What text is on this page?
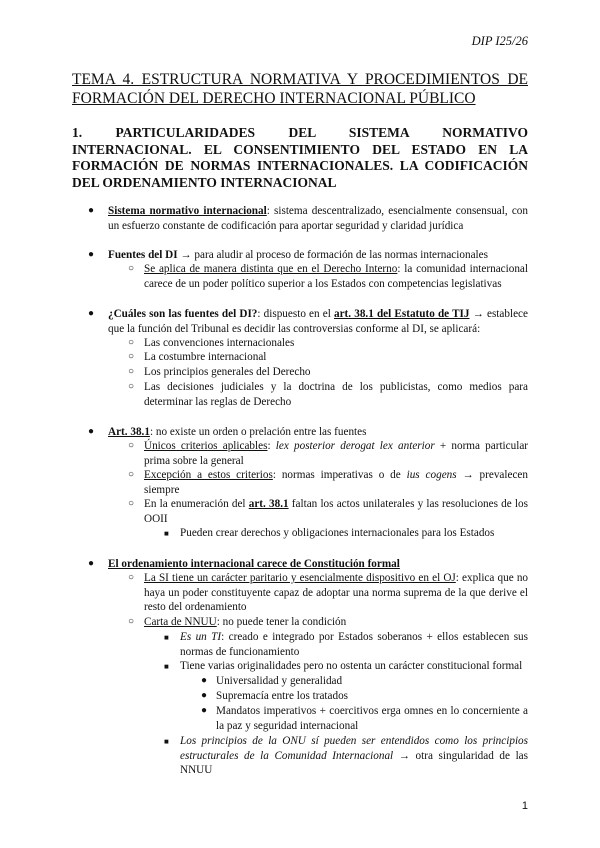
DIP I25/26
TEMA 4. ESTRUCTURA NORMATIVA Y PROCEDIMIENTOS DE FORMACIÓN DEL DERECHO INTERNACIONAL PÚBLICO
1. PARTICULARIDADES DEL SISTEMA NORMATIVO INTERNACIONAL. EL CONSENTIMIENTO DEL ESTADO EN LA FORMACIÓN DE NORMAS INTERNACIONALES. LA CODIFICACIÓN DEL ORDENAMIENTO INTERNACIONAL
● Sistema normativo internacional: sistema descentralizado, esencialmente consensual, con un esfuerzo constante de codificación para aportar seguridad y claridad jurídica
● Fuentes del DI → para aludir al proceso de formación de las normas internacionales
○ Se aplica de manera distinta que en el Derecho Interno: la comunidad internacional carece de un poder político superior a los Estados con competencias legislativas
● ¿Cuáles son las fuentes del DI?: dispuesto en el art. 38.1 del Estatuto de TIJ → establece que la función del Tribunal es decidir las controversias conforme al DI, se aplicará:
○ Las convenciones internacionales
○ La costumbre internacional
○ Los principios generales del Derecho
○ Las decisiones judiciales y la doctrina de los publicistas, como medios para determinar las reglas de Derecho
● Art. 38.1: no existe un orden o prelación entre las fuentes
○ Únicos criterios aplicables: lex posterior derogat lex anterior + norma particular prima sobre la general
○ Excepción a estos criterios: normas imperativas o de ius cogens → prevalecen siempre
○ En la enumeración del art. 38.1 faltan los actos unilaterales y las resoluciones de los OOII
■ Pueden crear derechos y obligaciones internacionales para los Estados
● El ordenamiento internacional carece de Constitución formal
○ La SI tiene un carácter paritario y esencialmente dispositivo en el OJ: explica que no haya un poder constituyente capaz de adoptar una norma suprema de la que derive el resto del ordenamiento
○ Carta de NNUU: no puede tener la condición
■ Es un TI: creado e integrado por Estados soberanos + ellos establecen sus normas de funcionamiento
■ Tiene varias originalidades pero no ostenta un carácter constitucional formal
● Universalidad y generalidad
● Supremacía entre los tratados
● Mandatos imperativos + coercitivos erga omnes en lo concerniente a la paz y seguridad internacional
■ Los principios de la ONU sí pueden ser entendidos como los principios estructurales de la Comunidad Internacional → otra singularidad de las NNUU
1
